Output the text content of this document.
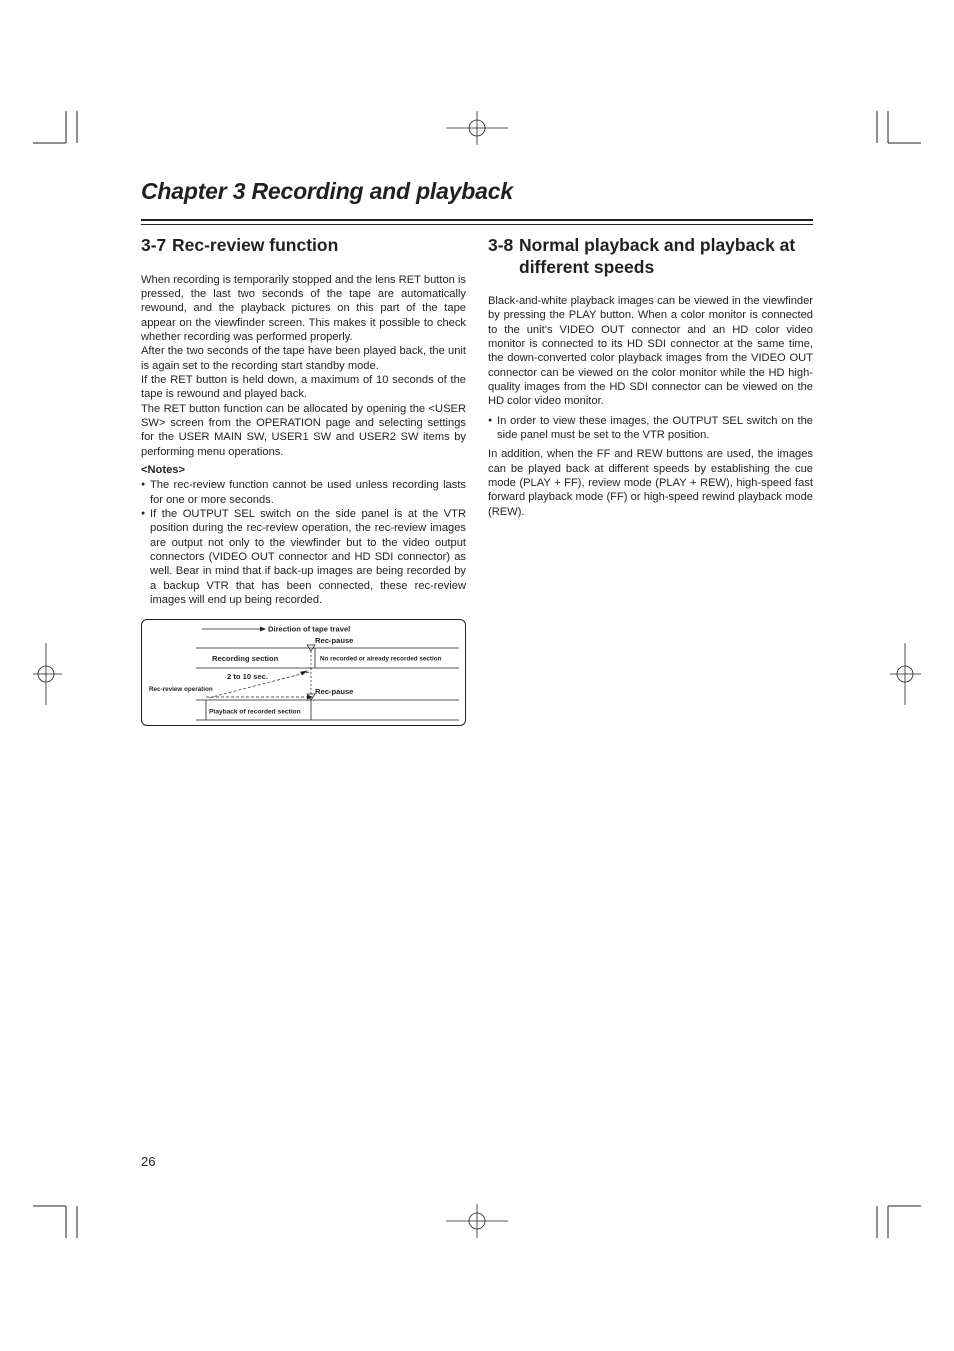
Chapter 3 Recording and playback
3-7 Rec-review function

When recording is temporarily stopped and the lens RET button is pressed, the last two seconds of the tape are automatically rewound, and the playback pictures on this part of the tape appear on the viewfinder screen. This makes it possible to check whether recording was performed properly.

After the two seconds of the tape have been played back, the unit is again set to the recording start standby mode.

If the RET button is held down, a maximum of 10 seconds of the tape is rewound and played back.

The RET button function can be allocated by opening the <USER SW> screen from the OPERATION page and selecting settings for the USER MAIN SW, USER1 SW and USER2 SW items by performing menu operations.

<Notes>
● The rec-review function cannot be used unless recording lasts for one or more seconds.
● If the OUTPUT SEL switch on the side panel is at the VTR position during the rec-review operation, the rec-review images are output not only to the viewfinder but to the video output connectors (VIDEO OUT connector and HD SDI connector) as well. Bear in mind that if back-up images are being recorded by a backup VTR that has been connected, these rec-review images will end up being recorded.
Direction of tape travel
Rec-pause
Recording section	No recorded or already recorded section
2 to 10 sec.
Rec-review operation	Rec-pause
Playback of recorded section
3-8 Normal playback and playback at
different speeds

Black-and-white playback images can be viewed in the viewfinder by pressing the PLAY button. When a color monitor is connected to the unit’s VIDEO OUT connector and an HD color video monitor is connected to its HD SDI connector at the same time, the down-converted color playback images from the VIDEO OUT connector can be viewed on the color monitor while the HD high-quality images from the HD SDI connector can be viewed on the HD color video monitor.

● In order to view these images, the OUTPUT SEL switch on the side panel must be set to the VTR position.

In addition, when the FF and REW buttons are used, the images can be played back at different speeds by establishing the cue mode (PLAY + FF), review mode (PLAY + REW), high-speed fast forward playback mode (FF) or high-speed rewind playback mode (REW).

26
